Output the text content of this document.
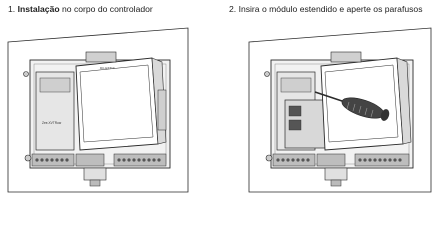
1. Instalação no corpo do controlador
Zee-XVTRuw
DC-EXT14
2. Insira o módulo estendido e aperte os parafusos
